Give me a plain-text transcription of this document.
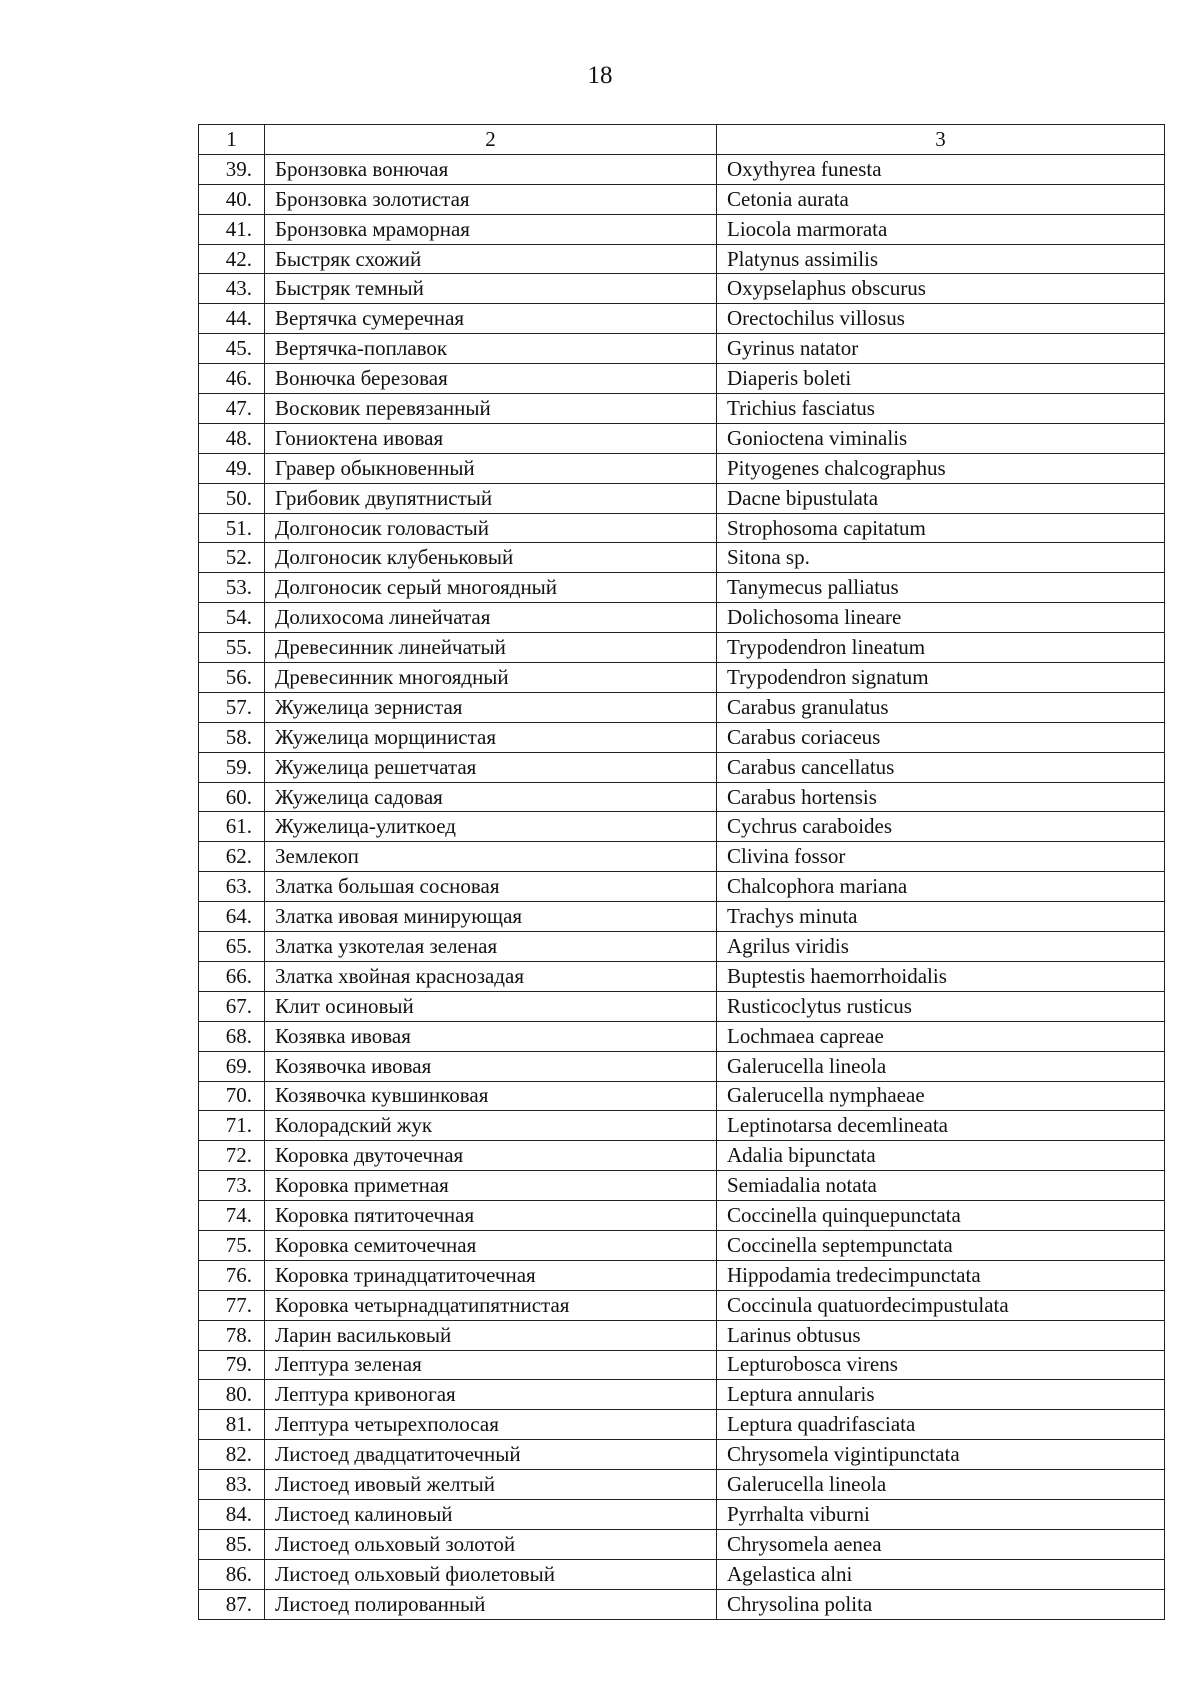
18
1	2	3
39.	Бронзовка вонючая	Oxythyrea funesta
40.	Бронзовка золотистая	Cetonia aurata
41.	Бронзовка мраморная	Liocola marmorata
42.	Быстряк схожий	Platynus assimilis
43.	Быстряк темный	Oxypselaphus obscurus
44.	Вертячка сумеречная	Orectochilus villosus
45.	Вертячка-поплавок	Gyrinus natator
46.	Вонючка березовая	Diaperis boleti
47.	Восковик перевязанный	Trichius fasciatus
48.	Гониоктена ивовая	Gonioctena viminalis
49.	Гравер обыкновенный	Pityogenes chalcographus
50.	Грибовик двупятнистый	Dacne bipustulata
51.	Долгоносик головастый	Strophosoma capitatum
52.	Долгоносик клубеньковый	Sitona sp.
53.	Долгоносик серый многоядный	Tanymecus palliatus
54.	Долихосома линейчатая	Dolichosoma lineare
55.	Древесинник линейчатый	Trypodendron lineatum
56.	Древесинник многоядный	Trypodendron signatum
57.	Жужелица зернистая	Carabus granulatus
58.	Жужелица морщинистая	Carabus coriaceus
59.	Жужелица решетчатая	Carabus cancellatus
60.	Жужелица садовая	Carabus hortensis
61.	Жужелица-улиткоед	Cychrus caraboides
62.	Землекоп	Clivina fossor
63.	Златка большая сосновая	Chalcophora mariana
64.	Златка ивовая минирующая	Trachys minuta
65.	Златка узкотелая зеленая	Agrilus viridis
66.	Златка хвойная краснозадая	Buptestis haemorrhoidalis
67.	Клит осиновый	Rusticoclytus rusticus
68.	Козявка ивовая	Lochmaea capreae
69.	Козявочка ивовая	Galerucella lineola
70.	Козявочка кувшинковая	Galerucella nymphaeae
71.	Колорадский жук	Leptinotarsa decemlineata
72.	Коровка двуточечная	Adalia bipunctata
73.	Коровка приметная	Semiadalia notata
74.	Коровка пятиточечная	Coccinella quinquepunctata
75.	Коровка семиточечная	Coccinella septempunctata
76.	Коровка тринадцатиточечная	Hippodamia tredecimpunctata
77.	Коровка четырнадцатипятнистая	Coccinula quatuordecimpustulata
78.	Ларин васильковый	Larinus obtusus
79.	Лептура зеленая	Lepturobosca virens
80.	Лептура кривоногая	Leptura annularis
81.	Лептура четырехполосая	Leptura quadrifasciata
82.	Листоед двадцатиточечный	Chrysomela vigintipunctata
83.	Листоед ивовый желтый	Galerucella lineola
84.	Листоед калиновый	Pyrrhalta viburni
85.	Листоед ольховый золотой	Chrysomela aenea
86.	Листоед ольховый фиолетовый	Agelastica alni
87.	Листоед полированный	Chrysolina polita
